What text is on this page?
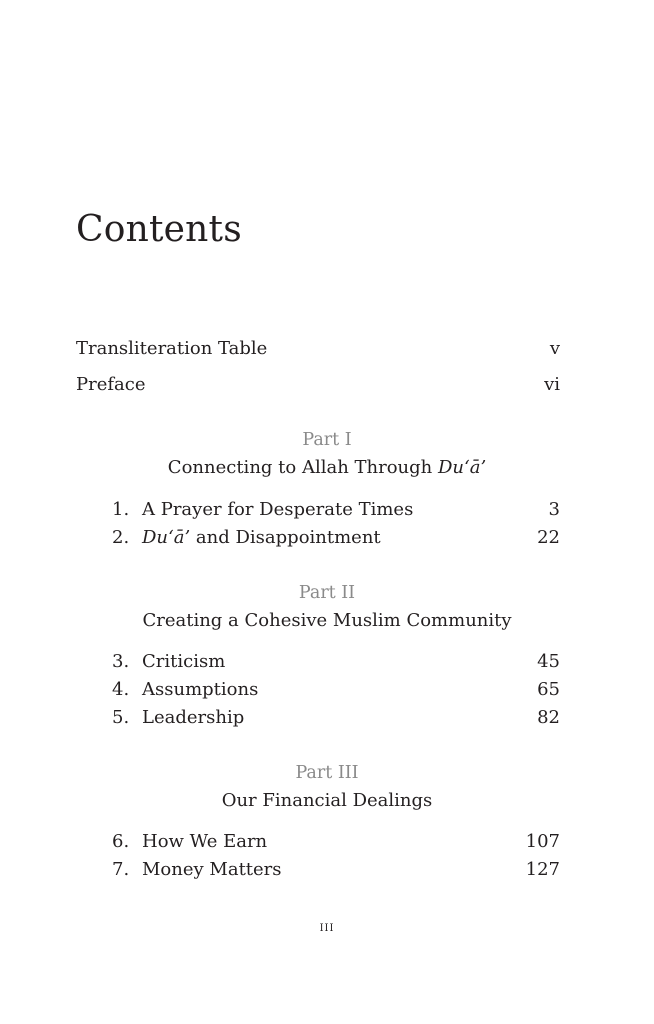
Contents
Transliteration Table	v
Preface	vi
Part I
Connecting to Allah Through Du‘ā’
1. A Prayer for Desperate Times	3
2. Du‘ā’ and Disappointment	22
Part II
Creating a Cohesive Muslim Community
3. Criticism	45
4. Assumptions	65
5. Leadership	82
Part III
Our Financial Dealings
6. How We Earn	107
7. Money Matters	127
iii
